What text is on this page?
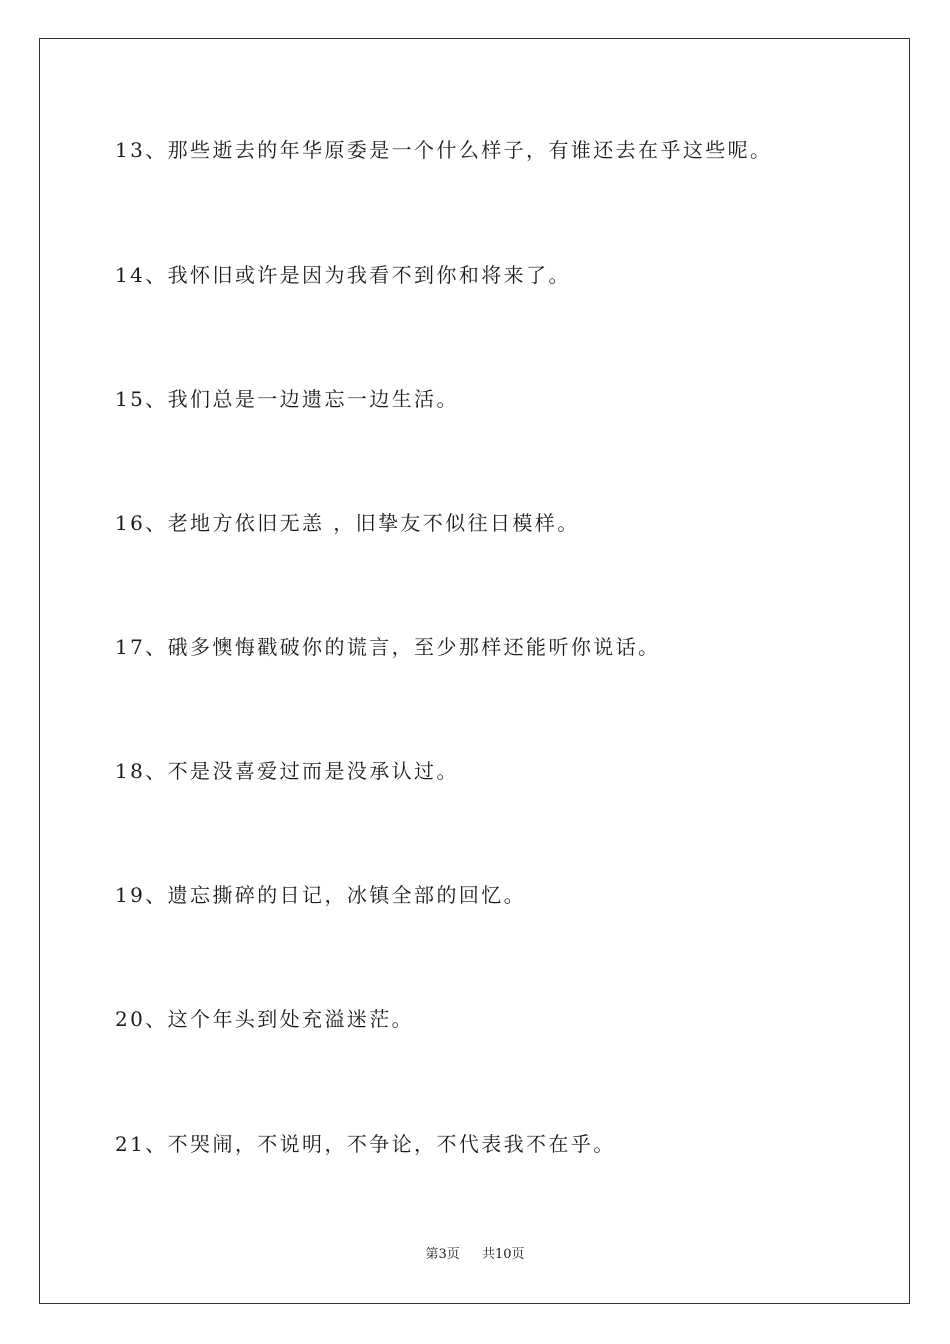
13、那些逝去的年华原委是一个什么样子，有谁还去在乎这些呢。
14、我怀旧或许是因为我看不到你和将来了。
15、我们总是一边遗忘一边生活。
16、老地方依旧无恙 ，旧挚友不似往日模样。
17、硪多懊悔戳破你的谎言，至少那样还能听你说话。
18、不是没喜爱过而是没承认过。
19、遗忘撕碎的日记，冰镇全部的回忆。
20、这个年头到处充溢迷茫。
21、不哭闹，不说明，不争论，不代表我不在乎。
第3页 共10页
